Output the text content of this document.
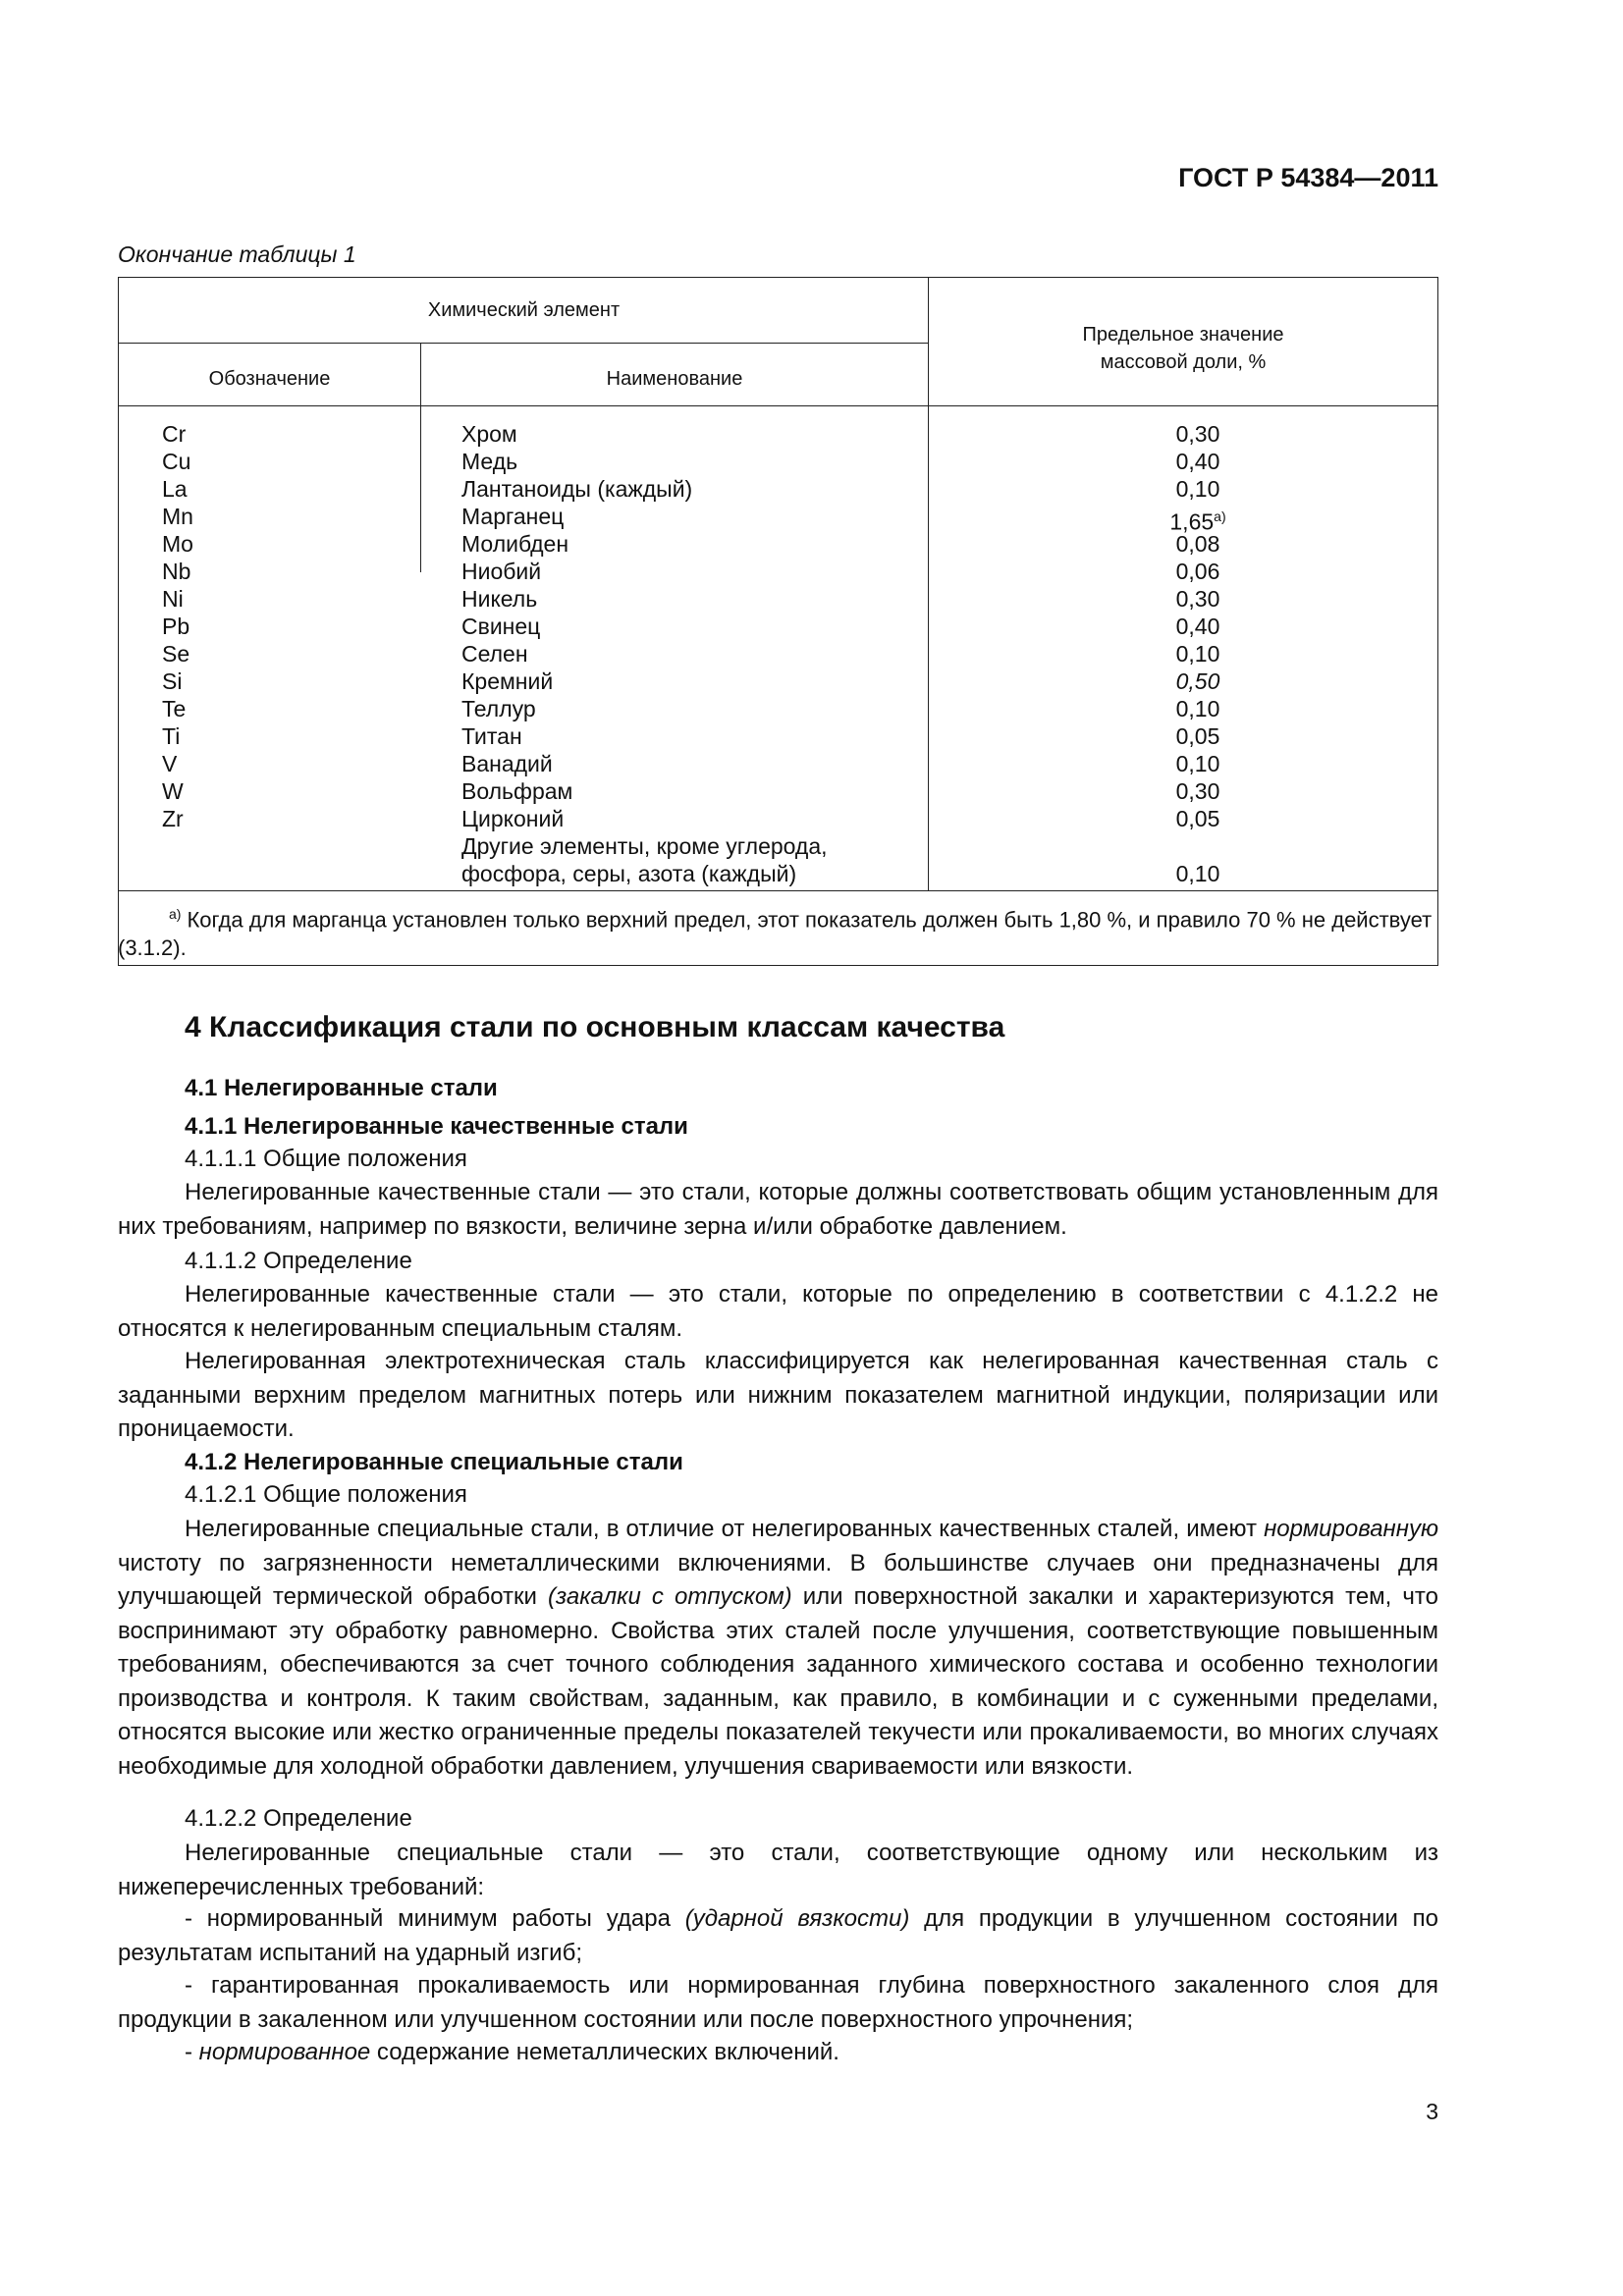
ГОСТ Р 54384—2011
Окончание таблицы 1
Химический элемент
Обозначение	Наименование
Предельное значение
массовой доли, %
Cr	Хром	0,30
Cu	Медь	0,40
La	Лантаноиды (каждый)	0,10
Mn	Марганец	1,65$^{a)}$
Mo	Молибден	0,08
Nb	Ниобий	0,06
Ni	Никель	0,30
Pb	Свинец	0,40
Se	Селен	0,10
Si	Кремний	0,50
Te	Теллур	0,10
Ti	Титан	0,05
V	Ванадий	0,10
W	Вольфрам	0,30
Zr	Цирконий	0,05
Другие элементы, кроме углерода,
фосфора, серы, азота (каждый)	0,10
$^{a)}$ Когда для марганца установлен только верхний предел, этот показатель должен быть 1,80 %, и правило 70 % не действует (3.1.2).
4 Классификация стали по основным классам качества
4.1 Нелегированные стали
4.1.1 Нелегированные качественные стали
4.1.1.1 Общие положения
Нелегированные качественные стали — это стали, которые должны соответствовать общим установленным для них требованиям, например по вязкости, величине зерна и/или обработке давлением.
4.1.1.2 Определение
Нелегированные качественные стали — это стали, которые по определению в соответствии с 4.1.2.2 не относятся к нелегированным специальным сталям.
Нелегированная электротехническая сталь классифицируется как нелегированная качественная сталь с заданными верхним пределом магнитных потерь или нижним показателем магнитной индукции, поляризации или проницаемости.
4.1.2 Нелегированные специальные стали
4.1.2.1 Общие положения
Нелегированные специальные стали, в отличие от нелегированных качественных сталей, имеют нормированную чистоту по загрязненности неметаллическими включениями. В большинстве случаев они предназначены для улучшающей термической обработки (закалки с отпуском) или поверхностной закалки и характеризуются тем, что воспринимают эту обработку равномерно. Свойства этих сталей после улучшения, соответствующие повышенным требованиям, обеспечиваются за счет точного соблюдения заданного химического состава и особенно технологии производства и контроля. К таким свойствам, заданным, как правило, в комбинации и с суженными пределами, относятся высокие или жестко ограниченные пределы показателей текучести или прокаливаемости, во многих случаях необходимые для холодной обработки давлением, улучшения свариваемости или вязкости.
4.1.2.2 Определение
Нелегированные специальные стали — это стали, соответствующие одному или нескольким из нижеперечисленных требований:
- нормированный минимум работы удара (ударной вязкости) для продукции в улучшенном состоянии по результатам испытаний на ударный изгиб;
- гарантированная прокаливаемость или нормированная глубина поверхностного закаленного слоя для продукции в закаленном или улучшенном состоянии или после поверхностного упрочнения;
- нормированное содержание неметаллических включений.
3
